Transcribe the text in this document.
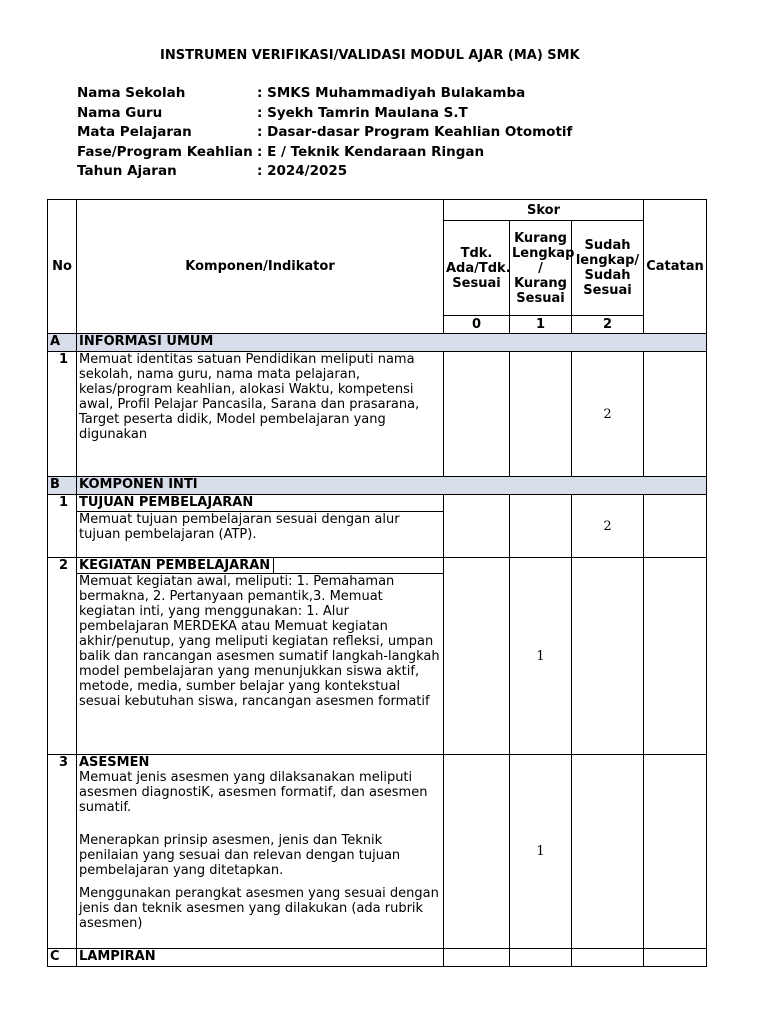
INSTRUMEN VERIFIKASI/VALIDASI MODUL AJAR (MA) SMK
Nama Sekolah	: SMKS Muhammadiyah Bulakamba
Nama Guru	: Syekh Tamrin Maulana S.T
Mata Pelajaran	: Dasar-dasar Program Keahlian Otomotif
Fase/Program Keahlian : E / Teknik Kendaraan Ringan
Tahun Ajaran	: 2024/2025
No	Komponen/Indikator	Skor			Catatan
		Tdk. Ada/Tdk. Sesuai	Kurang Lengkap / Kurang Sesuai	Sudah lengkap/ Sudah Sesuai	
		0	1	2	
A	INFORMASI UMUM				
1	Memuat identitas satuan Pendidikan meliputi nama sekolah, nama guru, nama mata pelajaran, kelas/program keahlian, alokasi Waktu, kompetensi awal, Profil Pelajar Pancasila, Sarana dan prasarana, Target peserta didik, Model pembelajaran yang digunakan			2	
B	KOMPONEN INTI				
1	TUJUAN PEMBELAJARAN
Memuat tujuan pembelajaran sesuai dengan alur tujuan pembelajaran (ATP).			2	
2	KEGIATAN PEMBELAJARAN
Memuat kegiatan awal, meliputi: 1. Pemahaman bermakna, 2. Pertanyaan pemantik,3. Memuat kegiatan inti, yang menggunakan: 1. Alur pembelajaran MERDEKA atau Memuat kegiatan akhir/penutup, yang meliputi kegiatan refleksi, umpan balik dan rancangan asesmen sumatif langkah-langkah model pembelajaran yang menunjukkan siswa aktif, metode, media, sumber belajar yang kontekstual sesuai kebutuhan siswa, rancangan asesmen formatif		1		
3	ASESMEN

Memuat jenis asesmen yang dilaksanakan meliputi asesmen diagnostiK, asesmen formatif, dan asesmen sumatif.

Menerapkan prinsip asesmen, jenis dan Teknik penilaian yang sesuai dan relevan dengan tujuan pembelajaran yang ditetapkan.

Menggunakan perangkat asesmen yang sesuai dengan jenis dan teknik asesmen yang dilakukan (ada rubrik asesmen)		1		
C	LAMPIRAN				
